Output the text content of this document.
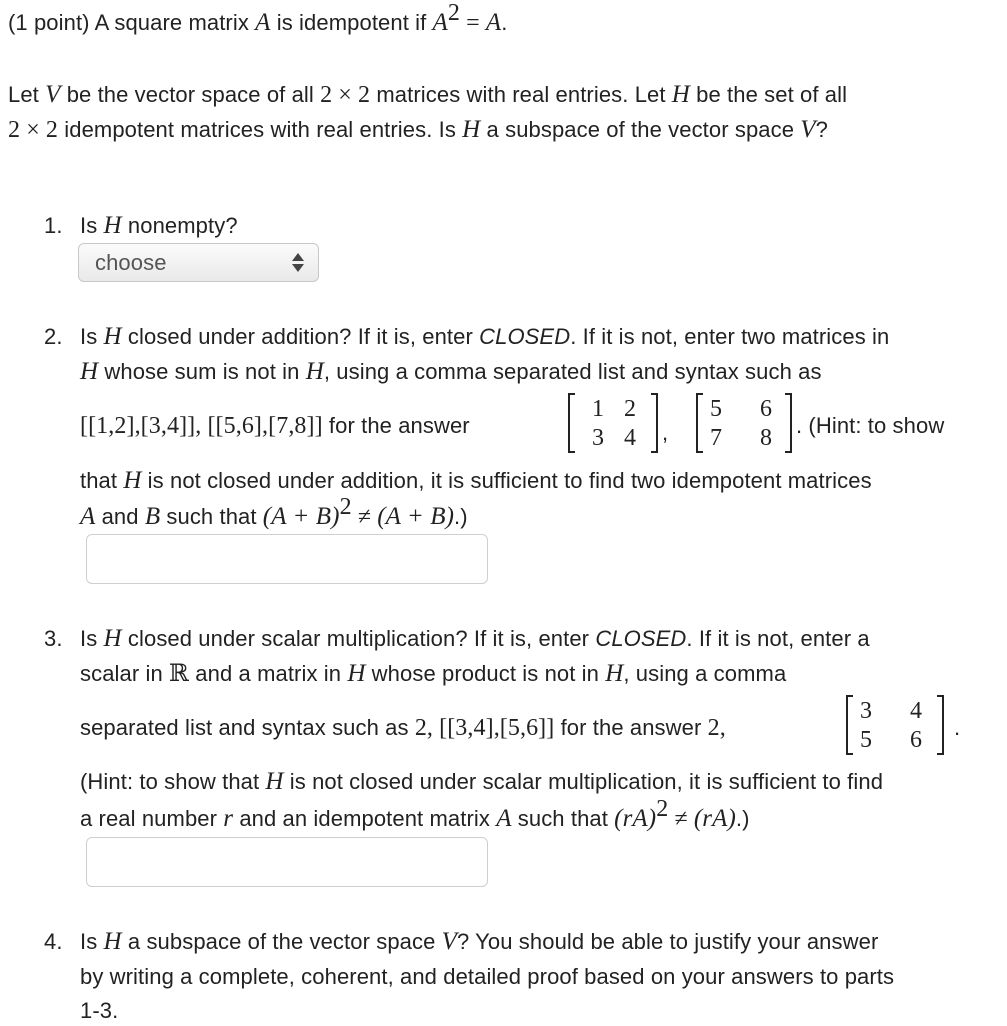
(1 point) A square matrix A is idempotent if $A^2 = A$.
Let V be the vector space of all 2 × 2 matrices with real entries. Let H be the set of all
2 × 2 idempotent matrices with real entries. Is H a subspace of the vector space V?
1. Is H nonempty?
choose
2. Is H closed under addition? If it is, enter CLOSED. If it is not, enter two matrices in
H whose sum is not in H, using a comma separated list and syntax such as
[[1,2],[3,4]], [[5,6],[7,8]] for the answer
1 2
3 4 ,
5 6
7 8 . (Hint: to show
that H is not closed under addition, it is sufficient to find two idempotent matrices
A and B such that $(A + B)^2 \ne (A + B)$.)
3. Is H closed under scalar multiplication? If it is, enter CLOSED. If it is not, enter a
scalar in ℝ and a matrix in H whose product is not in H, using a comma
separated list and syntax such as 2, [[3,4],[5,6]] for the answer 2,
3 4
5 6 .
(Hint: to show that H is not closed under scalar multiplication, it is sufficient to find
a real number r and an idempotent matrix A such that (rA)$^2$ ≠ (rA).)
4. Is H a subspace of the vector space V? You should be able to justify your answer
by writing a complete, coherent, and detailed proof based on your answers to parts
1-3.
